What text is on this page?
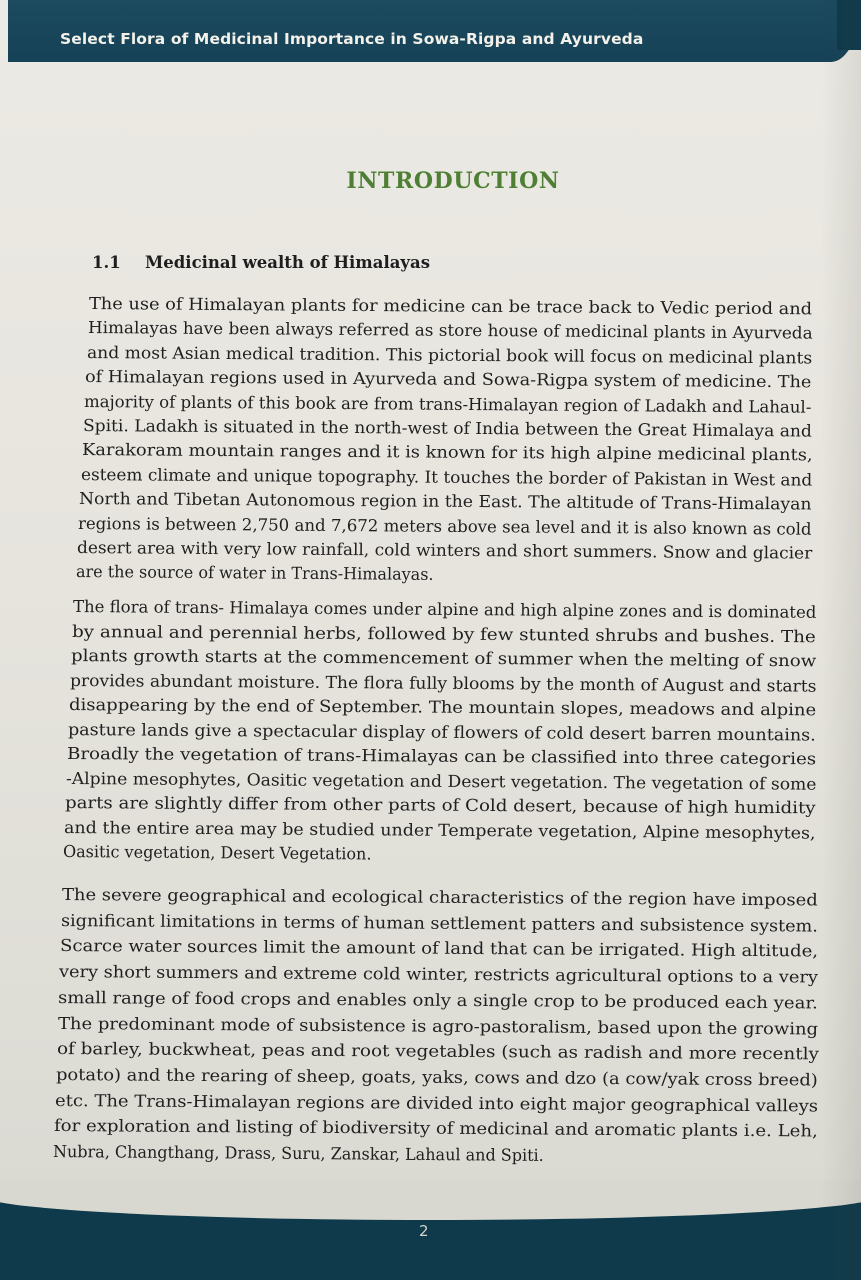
Select Flora of Medicinal Importance in Sowa-Rigpa and Ayurveda
INTRODUCTION
1.1 Medicinal wealth of Himalayas
The use of Himalayan plants for medicine can be trace back to Vedic period and
Himalayas have been always referred as store house of medicinal plants in Ayurveda
and most Asian medical tradition. This pictorial book will focus on medicinal plants
of Himalayan regions used in Ayurveda and Sowa-Rigpa system of medicine. The
majority of plants of this book are from trans-Himalayan region of Ladakh and Lahaul-
Spiti. Ladakh is situated in the north-west of India between the Great Himalaya and
Karakoram mountain ranges and it is known for its high alpine medicinal plants,
esteem climate and unique topography. It touches the border of Pakistan in West and
North and Tibetan Autonomous region in the East. The altitude of Trans-Himalayan
regions is between 2,750 and 7,672 meters above sea level and it is also known as cold
desert area with very low rainfall, cold winters and short summers. Snow and glacier
are the source of water in Trans-Himalayas.
The flora of trans- Himalaya comes under alpine and high alpine zones and is dominated
by annual and perennial herbs, followed by few stunted shrubs and bushes. The
plants growth starts at the commencement of summer when the melting of snow
provides abundant moisture. The flora fully blooms by the month of August and starts
disappearing by the end of September. The mountain slopes, meadows and alpine
pasture lands give a spectacular display of flowers of cold desert barren mountains.
Broadly the vegetation of trans-Himalayas can be classified into three categories
-Alpine mesophytes, Oasitic vegetation and Desert vegetation. The vegetation of some
parts are slightly differ from other parts of Cold desert, because of high humidity
and the entire area may be studied under Temperate vegetation, Alpine mesophytes,
Oasitic vegetation, Desert Vegetation.
The severe geographical and ecological characteristics of the region have imposed
significant limitations in terms of human settlement patters and subsistence system.
Scarce water sources limit the amount of land that can be irrigated. High altitude,
very short summers and extreme cold winter, restricts agricultural options to a very
small range of food crops and enables only a single crop to be produced each year.
The predominant mode of subsistence is agro-pastoralism, based upon the growing
of barley, buckwheat, peas and root vegetables (such as radish and more recently
potato) and the rearing of sheep, goats, yaks, cows and dzo (a cow/yak cross breed)
etc. The Trans-Himalayan regions are divided into eight major geographical valleys
for exploration and listing of biodiversity of medicinal and aromatic plants i.e. Leh,
Nubra, Changthang, Drass, Suru, Zanskar, Lahaul and Spiti.
2
